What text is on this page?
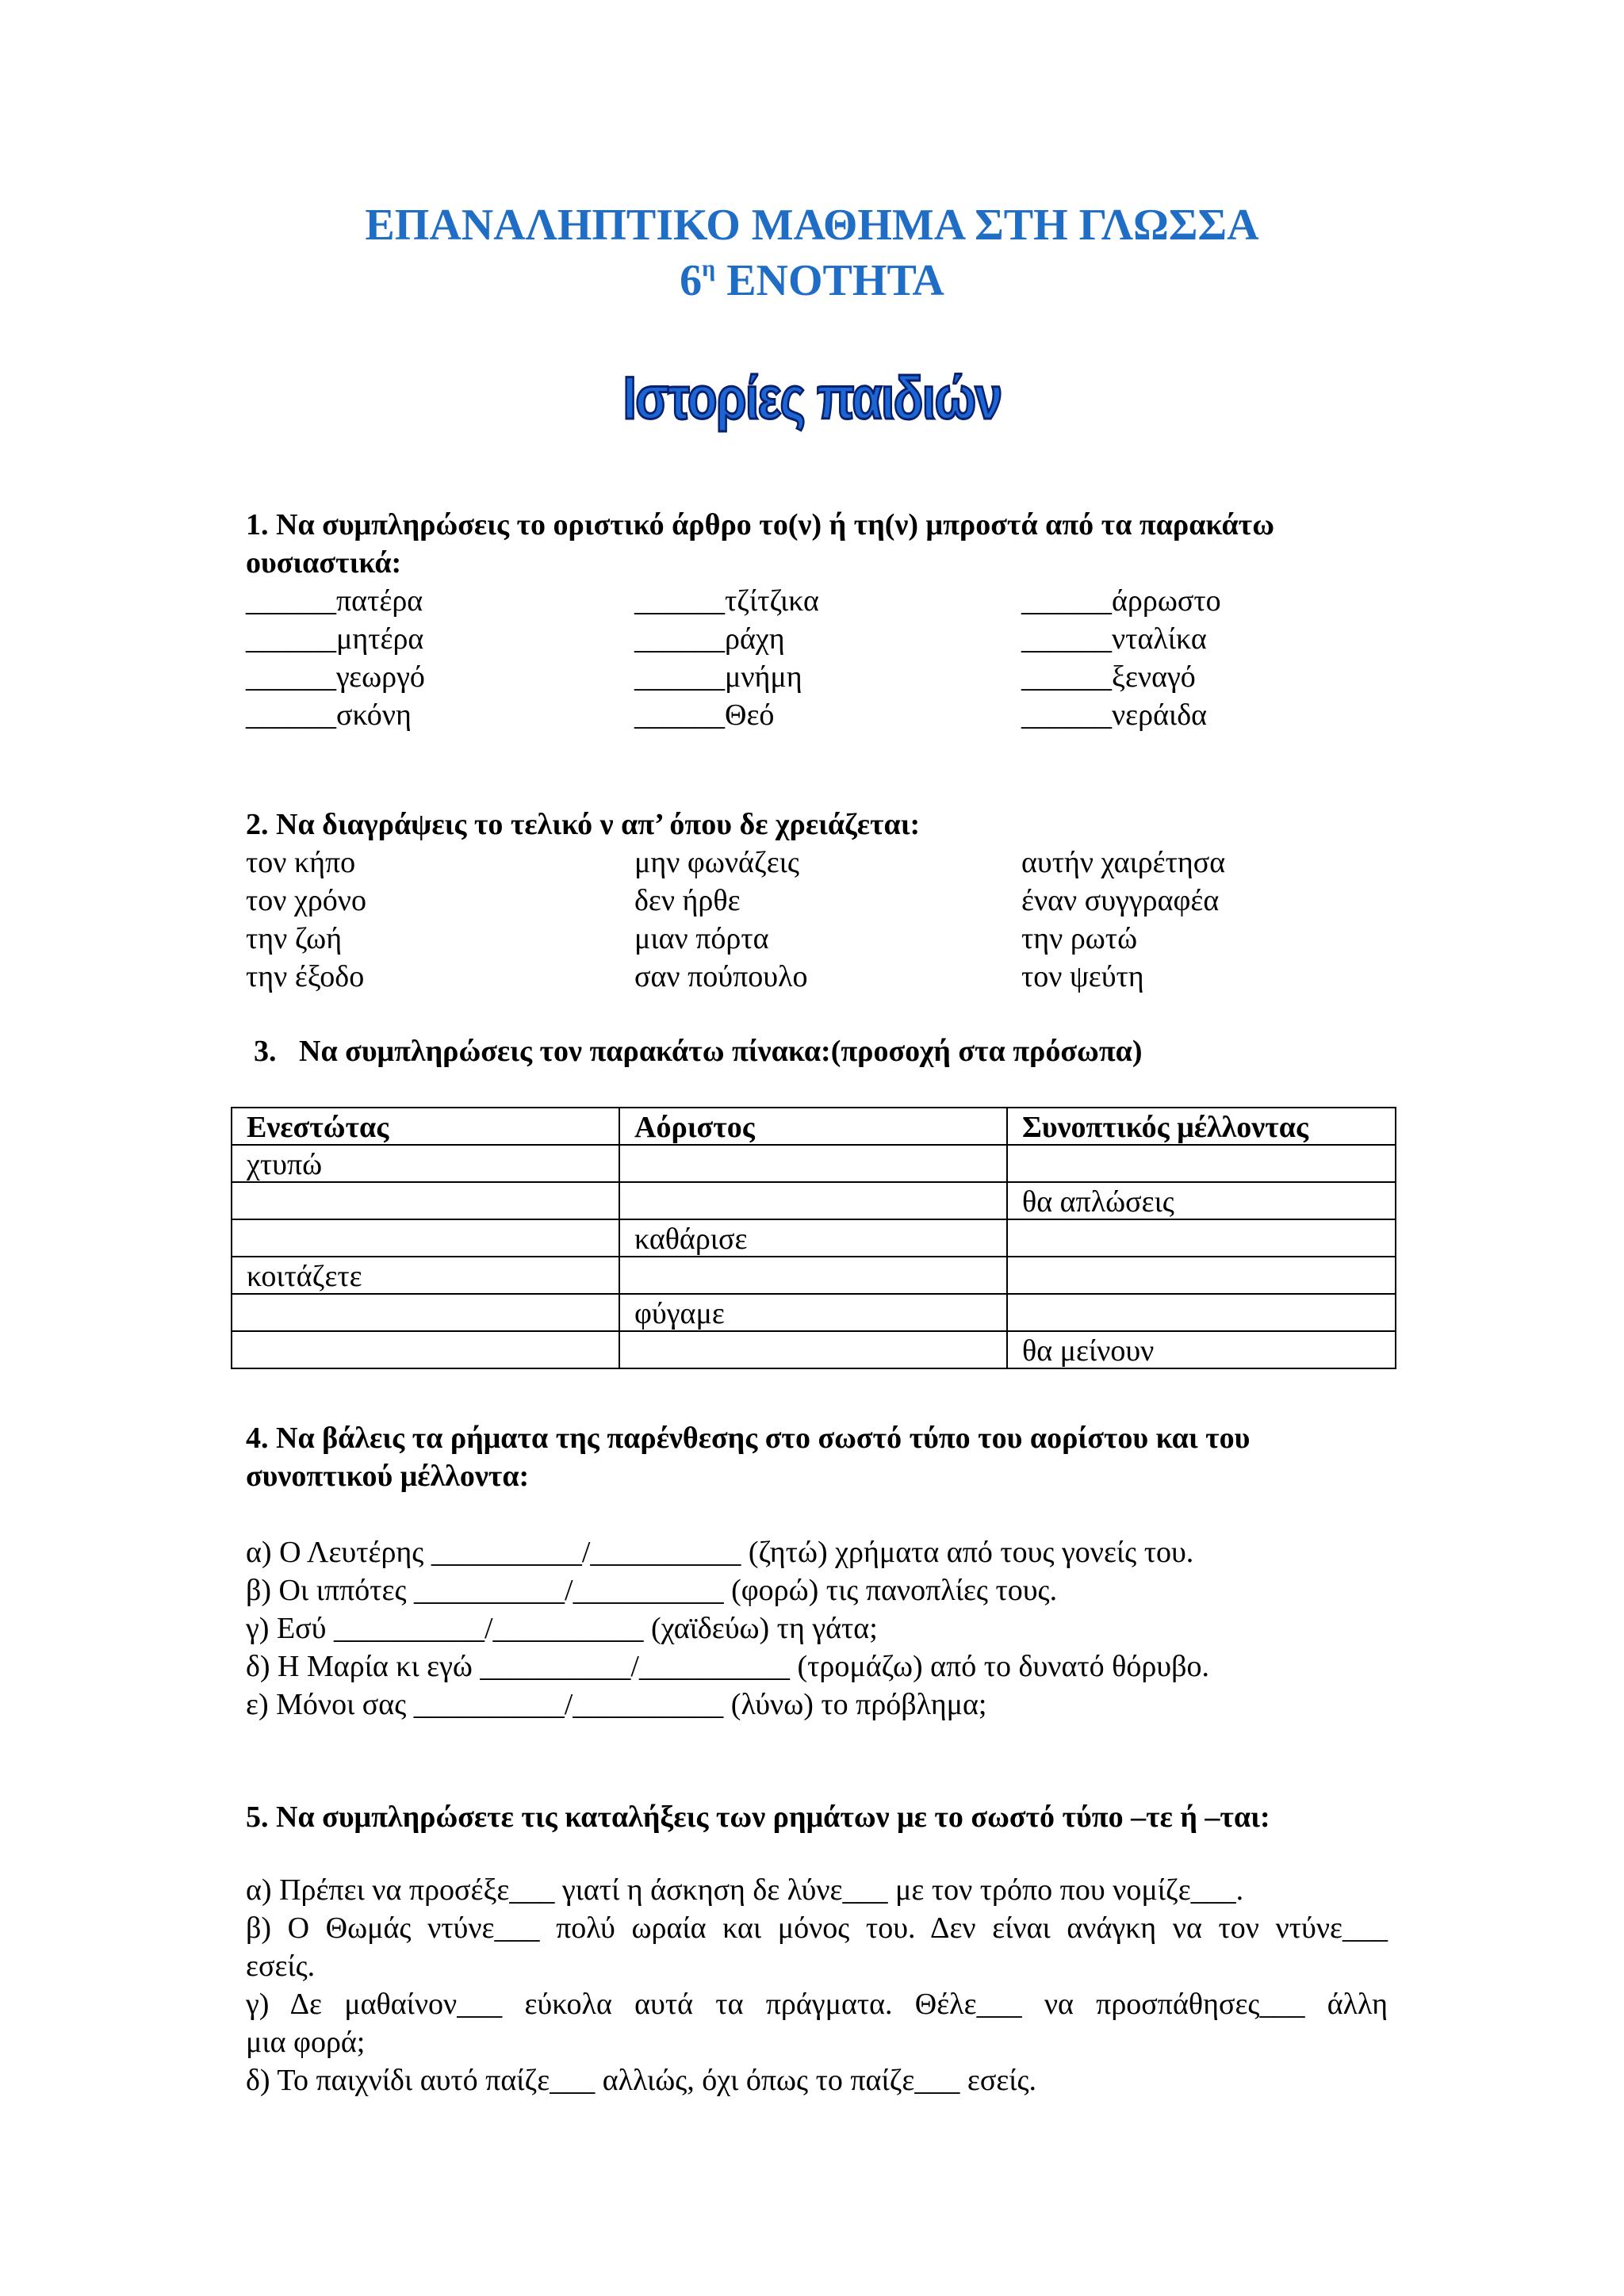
ΕΠΑΝΑΛΗΠΤΙΚΟ ΜΑΘΗΜΑ ΣΤΗ ΓΛΩΣΣΑ
$6^\eta$ ΕΝΟΤΗΤΑ
Ιστορίες παιδιών
1. Να συμπληρώσεις το οριστικό άρθρο το(ν) ή τη(ν) μπροστά από τα παρακάτω
ουσιαστικά:
______πατέρα	______τζίτζικα	______άρρωστο
______μητέρα	______ράχη	______νταλίκα
______γεωργό	______μνήμη	______ξεναγό
______σκόνη	______Θεό	______νεράιδα
2. Να διαγράψεις το τελικό ν απ’ όπου δε χρειάζεται:
τον κήπο	μην φωνάζεις	αυτήν χαιρέτησα
τον χρόνο	δεν ήρθε	έναν συγγραφέα
την ζωή	μιαν πόρτα	την ρωτώ
την έξοδο	σαν πούπουλο	τον ψεύτη
3.   Να συμπληρώσεις τον παρακάτω πίνακα:(προσοχή στα πρόσωπα)
Ενεστώτας	Αόριστος	Συνοπτικός μέλλοντας
χτυπώ		
		θα απλώσεις
	καθάρισε	
κοιτάζετε		
	φύγαμε	
		θα μείνουν
4. Να βάλεις τα ρήματα της παρένθεσης στο σωστό τύπο του αορίστου και του
συνοπτικού μέλλοντα:
α) Ο Λευτέρης __________/__________ (ζητώ) χρήματα από τους γονείς του.
β) Οι ιππότες __________/__________ (φορώ) τις πανοπλίες τους.
γ) Εσύ __________/__________ (χαϊδεύω) τη γάτα;
δ) Η Μαρία κι εγώ __________/__________ (τρομάζω) από το δυνατό θόρυβο.
ε) Μόνοι σας __________/__________ (λύνω) το πρόβλημα;
5. Να συμπληρώσετε τις καταλήξεις των ρημάτων με το σωστό τύπο –τε ή –ται:
α) Πρέπει να προσέξε___ γιατί η άσκηση δε λύνε___ με τον τρόπο που νομίζε___.
β) Ο Θωμάς ντύνε___ πολύ ωραία και μόνος του. Δεν είναι ανάγκη να τον ντύνε___
εσείς.
γ) Δε μαθαίνον___ εύκολα αυτά τα πράγματα. Θέλε___ να προσπάθησες___ άλλη
μια φορά;
δ) Το παιχνίδι αυτό παίζε___ αλλιώς, όχι όπως το παίζε___ εσείς.
